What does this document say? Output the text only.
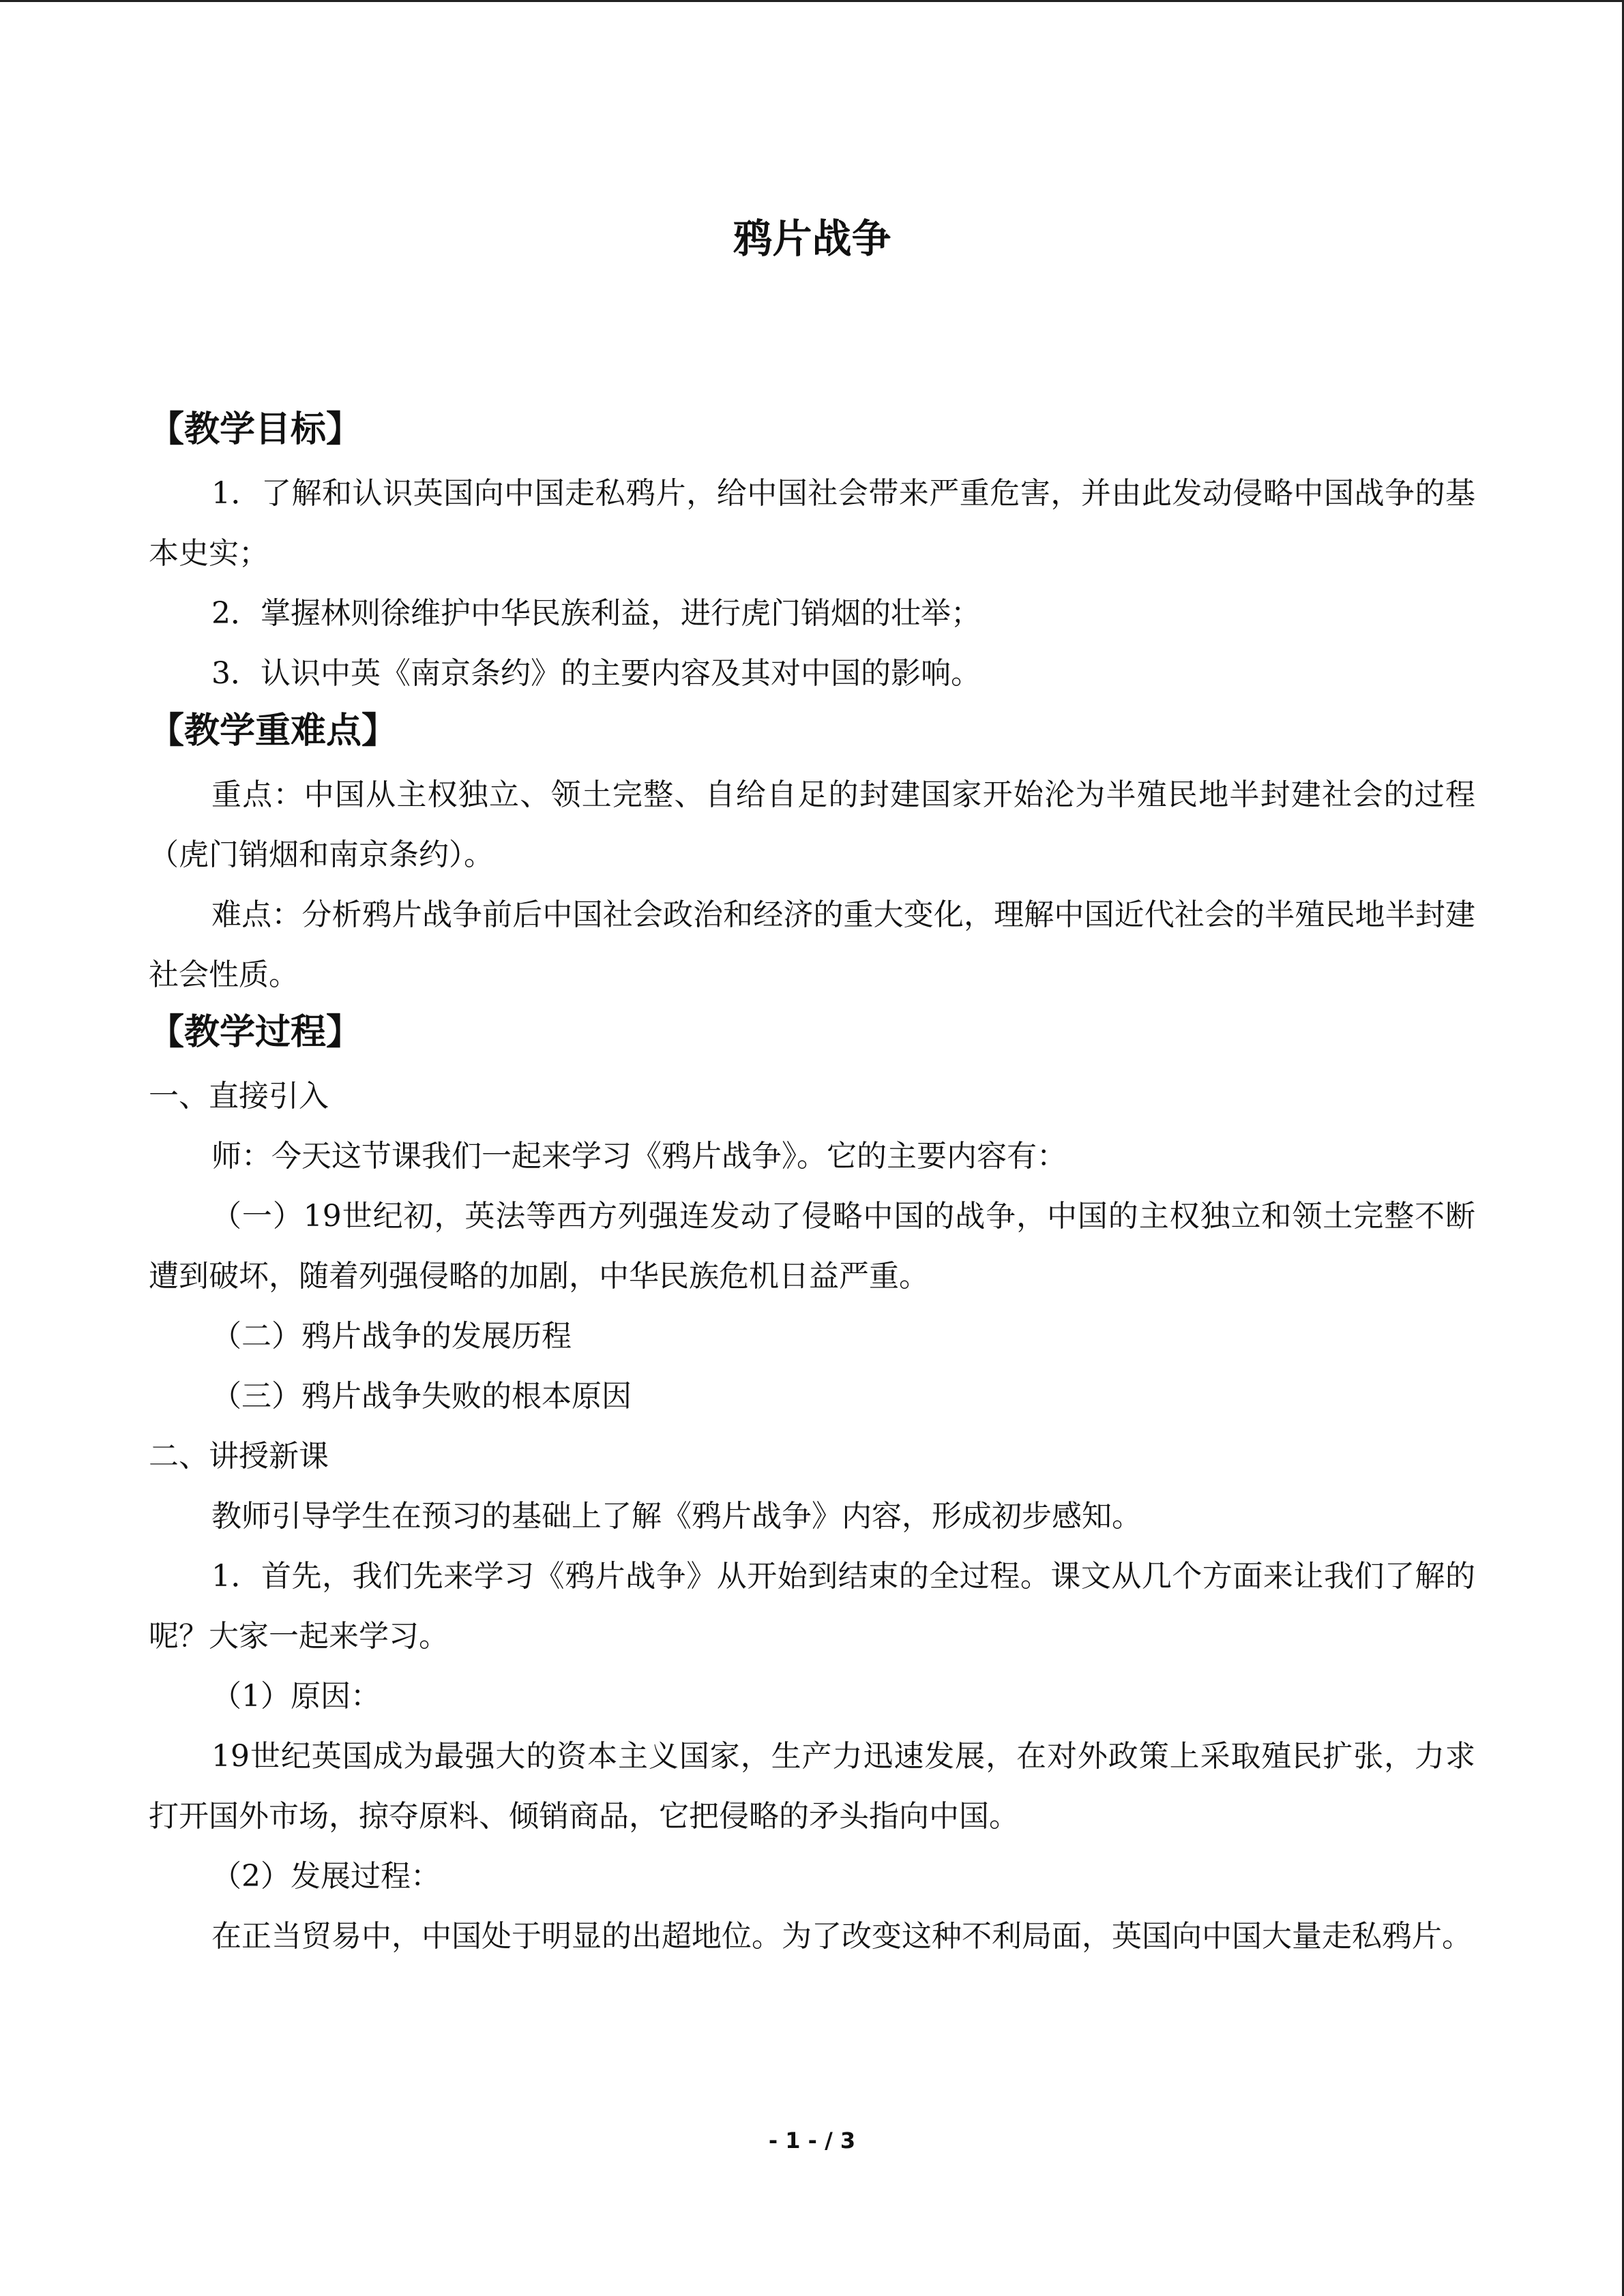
鸦片战争
【教学目标】

1．了解和认识英国向中国走私鸦片，给中国社会带来严重危害，并由此发动侵略中国战争的基本史实；

2．掌握林则徐维护中华民族利益，进行虎门销烟的壮举；

3．认识中英《南京条约》的主要内容及其对中国的影响。

【教学重难点】

重点：中国从主权独立、领土完整、自给自足的封建国家开始沦为半殖民地半封建社会的过程（虎门销烟和南京条约）。

难点：分析鸦片战争前后中国社会政治和经济的重大变化，理解中国近代社会的半殖民地半封建社会性质。

【教学过程】

一、直接引入

师：今天这节课我们一起来学习《鸦片战争》。它的主要内容有：

（一）19世纪初，英法等西方列强连发动了侵略中国的战争，中国的主权独立和领土完整不断遭到破坏，随着列强侵略的加剧，中华民族危机日益严重。

（二）鸦片战争的发展历程

（三）鸦片战争失败的根本原因

二、讲授新课

教师引导学生在预习的基础上了解《鸦片战争》内容，形成初步感知。

1．首先，我们先来学习《鸦片战争》从开始到结束的全过程。课文从几个方面来让我们了解的呢？大家一起来学习。

（1）原因：

19世纪英国成为最强大的资本主义国家，生产力迅速发展，在对外政策上采取殖民扩张，力求打开国外市场，掠夺原料、倾销商品，它把侵略的矛头指向中国。

（2）发展过程：

在正当贸易中，中国处于明显的出超地位。为了改变这种不利局面，英国向中国大量走私鸦片。

- 1 - / 3
